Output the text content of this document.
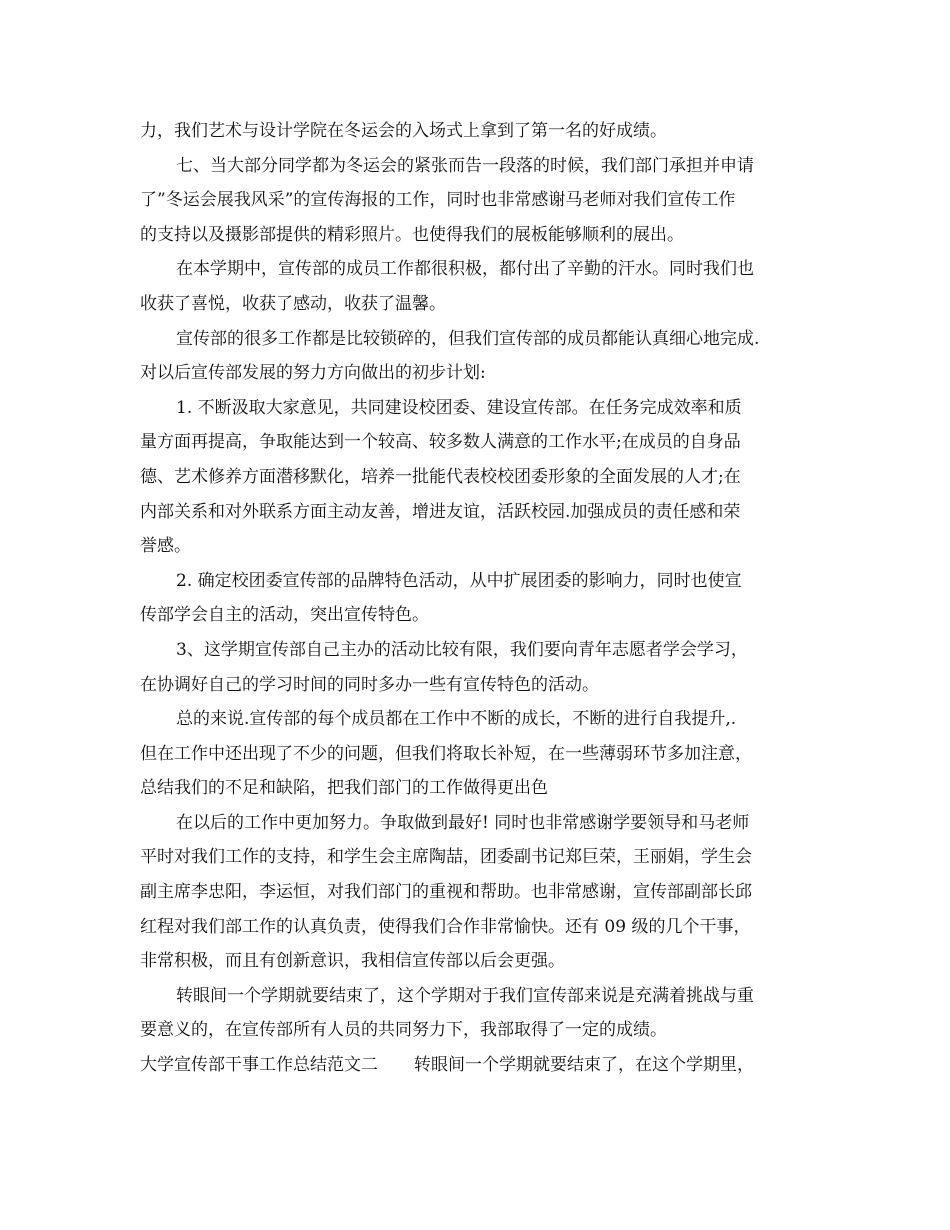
力，我们艺术与设计学院在冬运会的入场式上拿到了第一名的好成绩。
七、当大部分同学都为冬运会的紧张而告一段落的时候，我们部门承担并申请
了”冬运会展我风采”的宣传海报的工作，同时也非常感谢马老师对我们宣传工作
的支持以及摄影部提供的精彩照片。也使得我们的展板能够顺利的展出。
在本学期中，宣传部的成员工作都很积极，都付出了辛勤的汗水。同时我们也
收获了喜悦，收获了感动，收获了温馨。
宣传部的很多工作都是比较锁碎的，但我们宣传部的成员都能认真细心地完成.
对以后宣传部发展的努力方向做出的初步计划:
1. 不断汲取大家意见，共同建设校团委、建设宣传部。在任务完成效率和质
量方面再提高，争取能达到一个较高、较多数人满意的工作水平;在成员的自身品
德、艺术修养方面潜移默化，培养一批能代表校校团委形象的全面发展的人才;在
内部关系和对外联系方面主动友善，增进友谊，活跃校园.加强成员的责任感和荣
誉感。
2. 确定校团委宣传部的品牌特色活动，从中扩展团委的影响力，同时也使宣
传部学会自主的活动，突出宣传特色。
3、这学期宣传部自己主办的活动比较有限，我们要向青年志愿者学会学习，
在协调好自己的学习时间的同时多办一些有宣传特色的活动。
总的来说.宣传部的每个成员都在工作中不断的成长，不断的进行自我提升,.
但在工作中还出现了不少的问题，但我们将取长补短，在一些薄弱环节多加注意，
总结我们的不足和缺陷，把我们部门的工作做得更出色
在以后的工作中更加努力。争取做到最好! 同时也非常感谢学要领导和马老师
平时对我们工作的支持，和学生会主席陶喆，团委副书记郑巨荣，王丽娟，学生会
副主席李忠阳，李运恒，对我们部门的重视和帮助。也非常感谢，宣传部副部长邱
红程对我们部工作的认真负责，使得我们合作非常愉快。还有 09 级的几个干事，
非常积极，而且有创新意识，我相信宣传部以后会更强。
转眼间一个学期就要结束了，这个学期对于我们宣传部来说是充满着挑战与重
要意义的，在宣传部所有人员的共同努力下，我部取得了一定的成绩。
大学宣传部干事工作总结范文二 转眼间一个学期就要结束了，在这个学期里，
